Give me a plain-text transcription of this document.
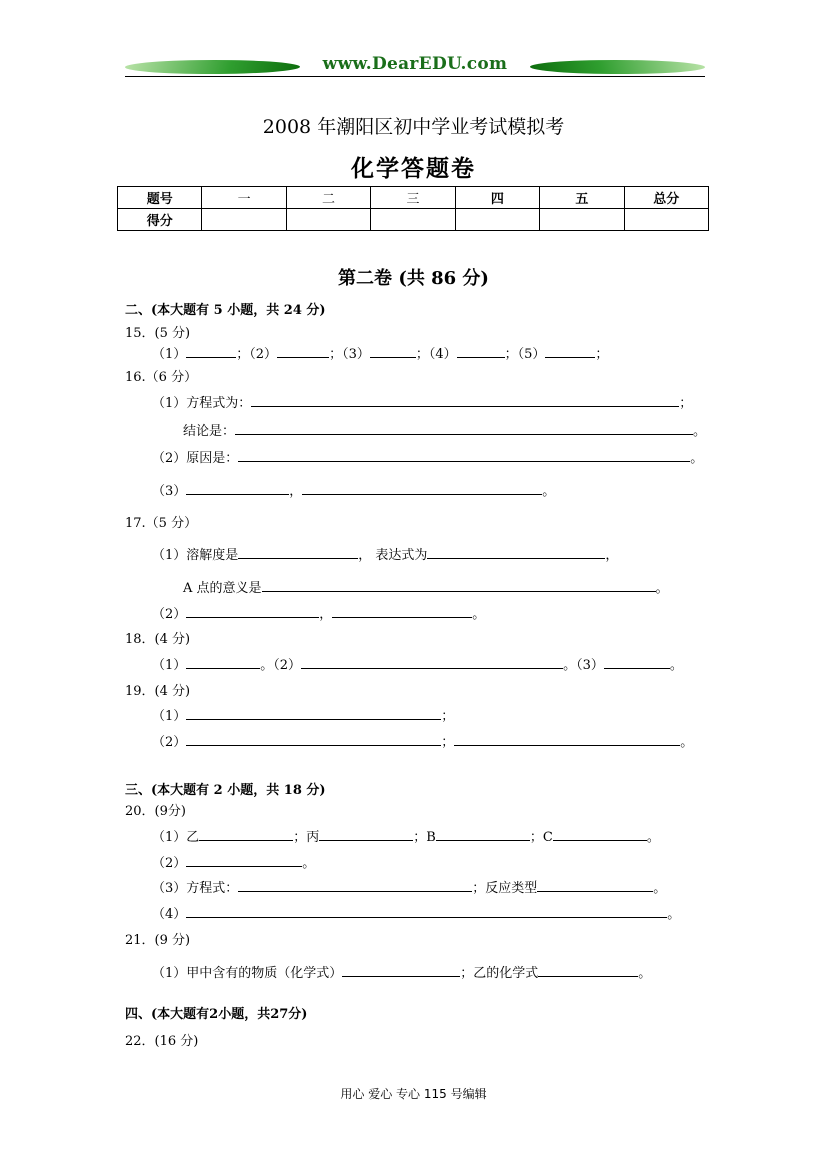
www.DearEDU.com
2008 年潮阳区初中学业考试模拟考
化学答题卷
题号	一	二	三	四	五	总分
得分						
第二卷 (共 86 分)
二、(本大题有 5 小题，共 24 分)
15．(5 分)
（1）	；（2）	；（3）	；（4）	；（5）	；
16.（6 分）
（1）方程式为：	；
结论是：	。
（2）原因是：	。
（3）	，	。
17.（5 分）
（1）溶解度是	， 表达式为	，
A 点的意义是	。
（2）	，	。
18．(4 分)
（1）	。（2）	。（3）	。
19．(4 分)
（1）	；
（2）	；	。
三、(本大题有 2 小题，共 18 分)
20．(9分)
（1）乙	；丙	；B	；C	。
（2）	。
（3）方程式：	；反应类型	。
（4）	。
21．(9 分)
（1）甲中含有的物质（化学式）	；乙的化学式	。
四、(本大题有2小题，共27分)
22．(16 分)
用心 爱心 专心 115 号编辑
